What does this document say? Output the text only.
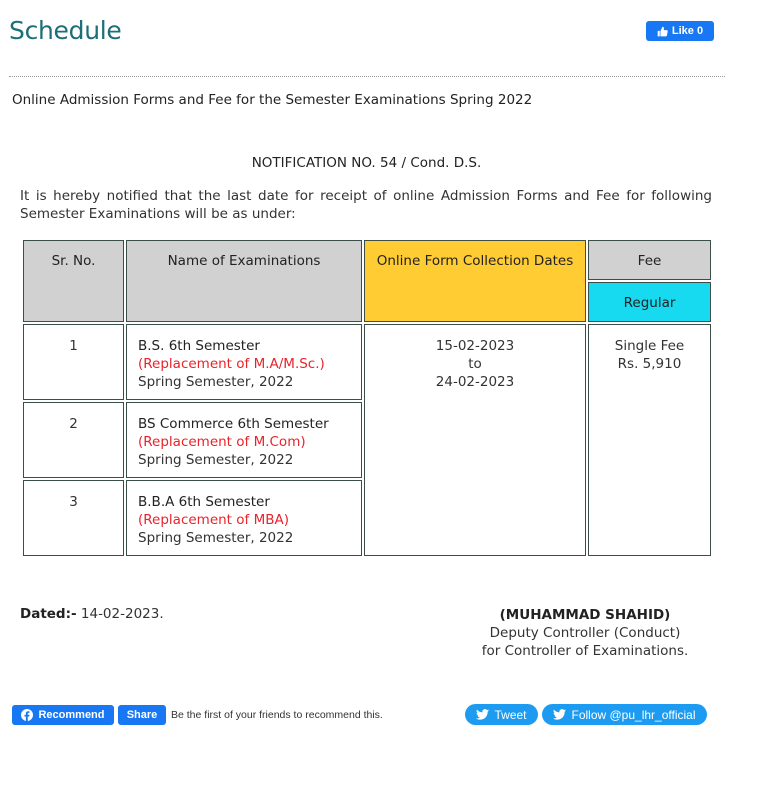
Schedule	Like 0
Online Admission Forms and Fee for the Semester Examinations Spring 2022
NOTIFICATION NO. 54 / Cond. D.S.
It is hereby notified that the last date for receipt of online Admission Forms and Fee for following Semester Examinations will be as under:
Sr. No.	Name of Examinations	Online Form Collection Dates	Fee
Regular
1	B.S. 6th Semester
(Replacement of M.A/M.Sc.)
Spring Semester, 2022
2	BS Commerce 6th Semester
(Replacement of M.Com)
Spring Semester, 2022
3	B.B.A 6th Semester
(Replacement of MBA)
Spring Semester, 2022
15-02-2023
to
24-02-2023
Single Fee
Rs. 5,910
Dated:- 14-02-2023.	(MUHAMMAD SHAHID)
Deputy Controller (Conduct)
for Controller of Examinations.
Recommend	Share	Be the first of your friends to recommend this.	Tweet	Follow @pu_lhr_official
